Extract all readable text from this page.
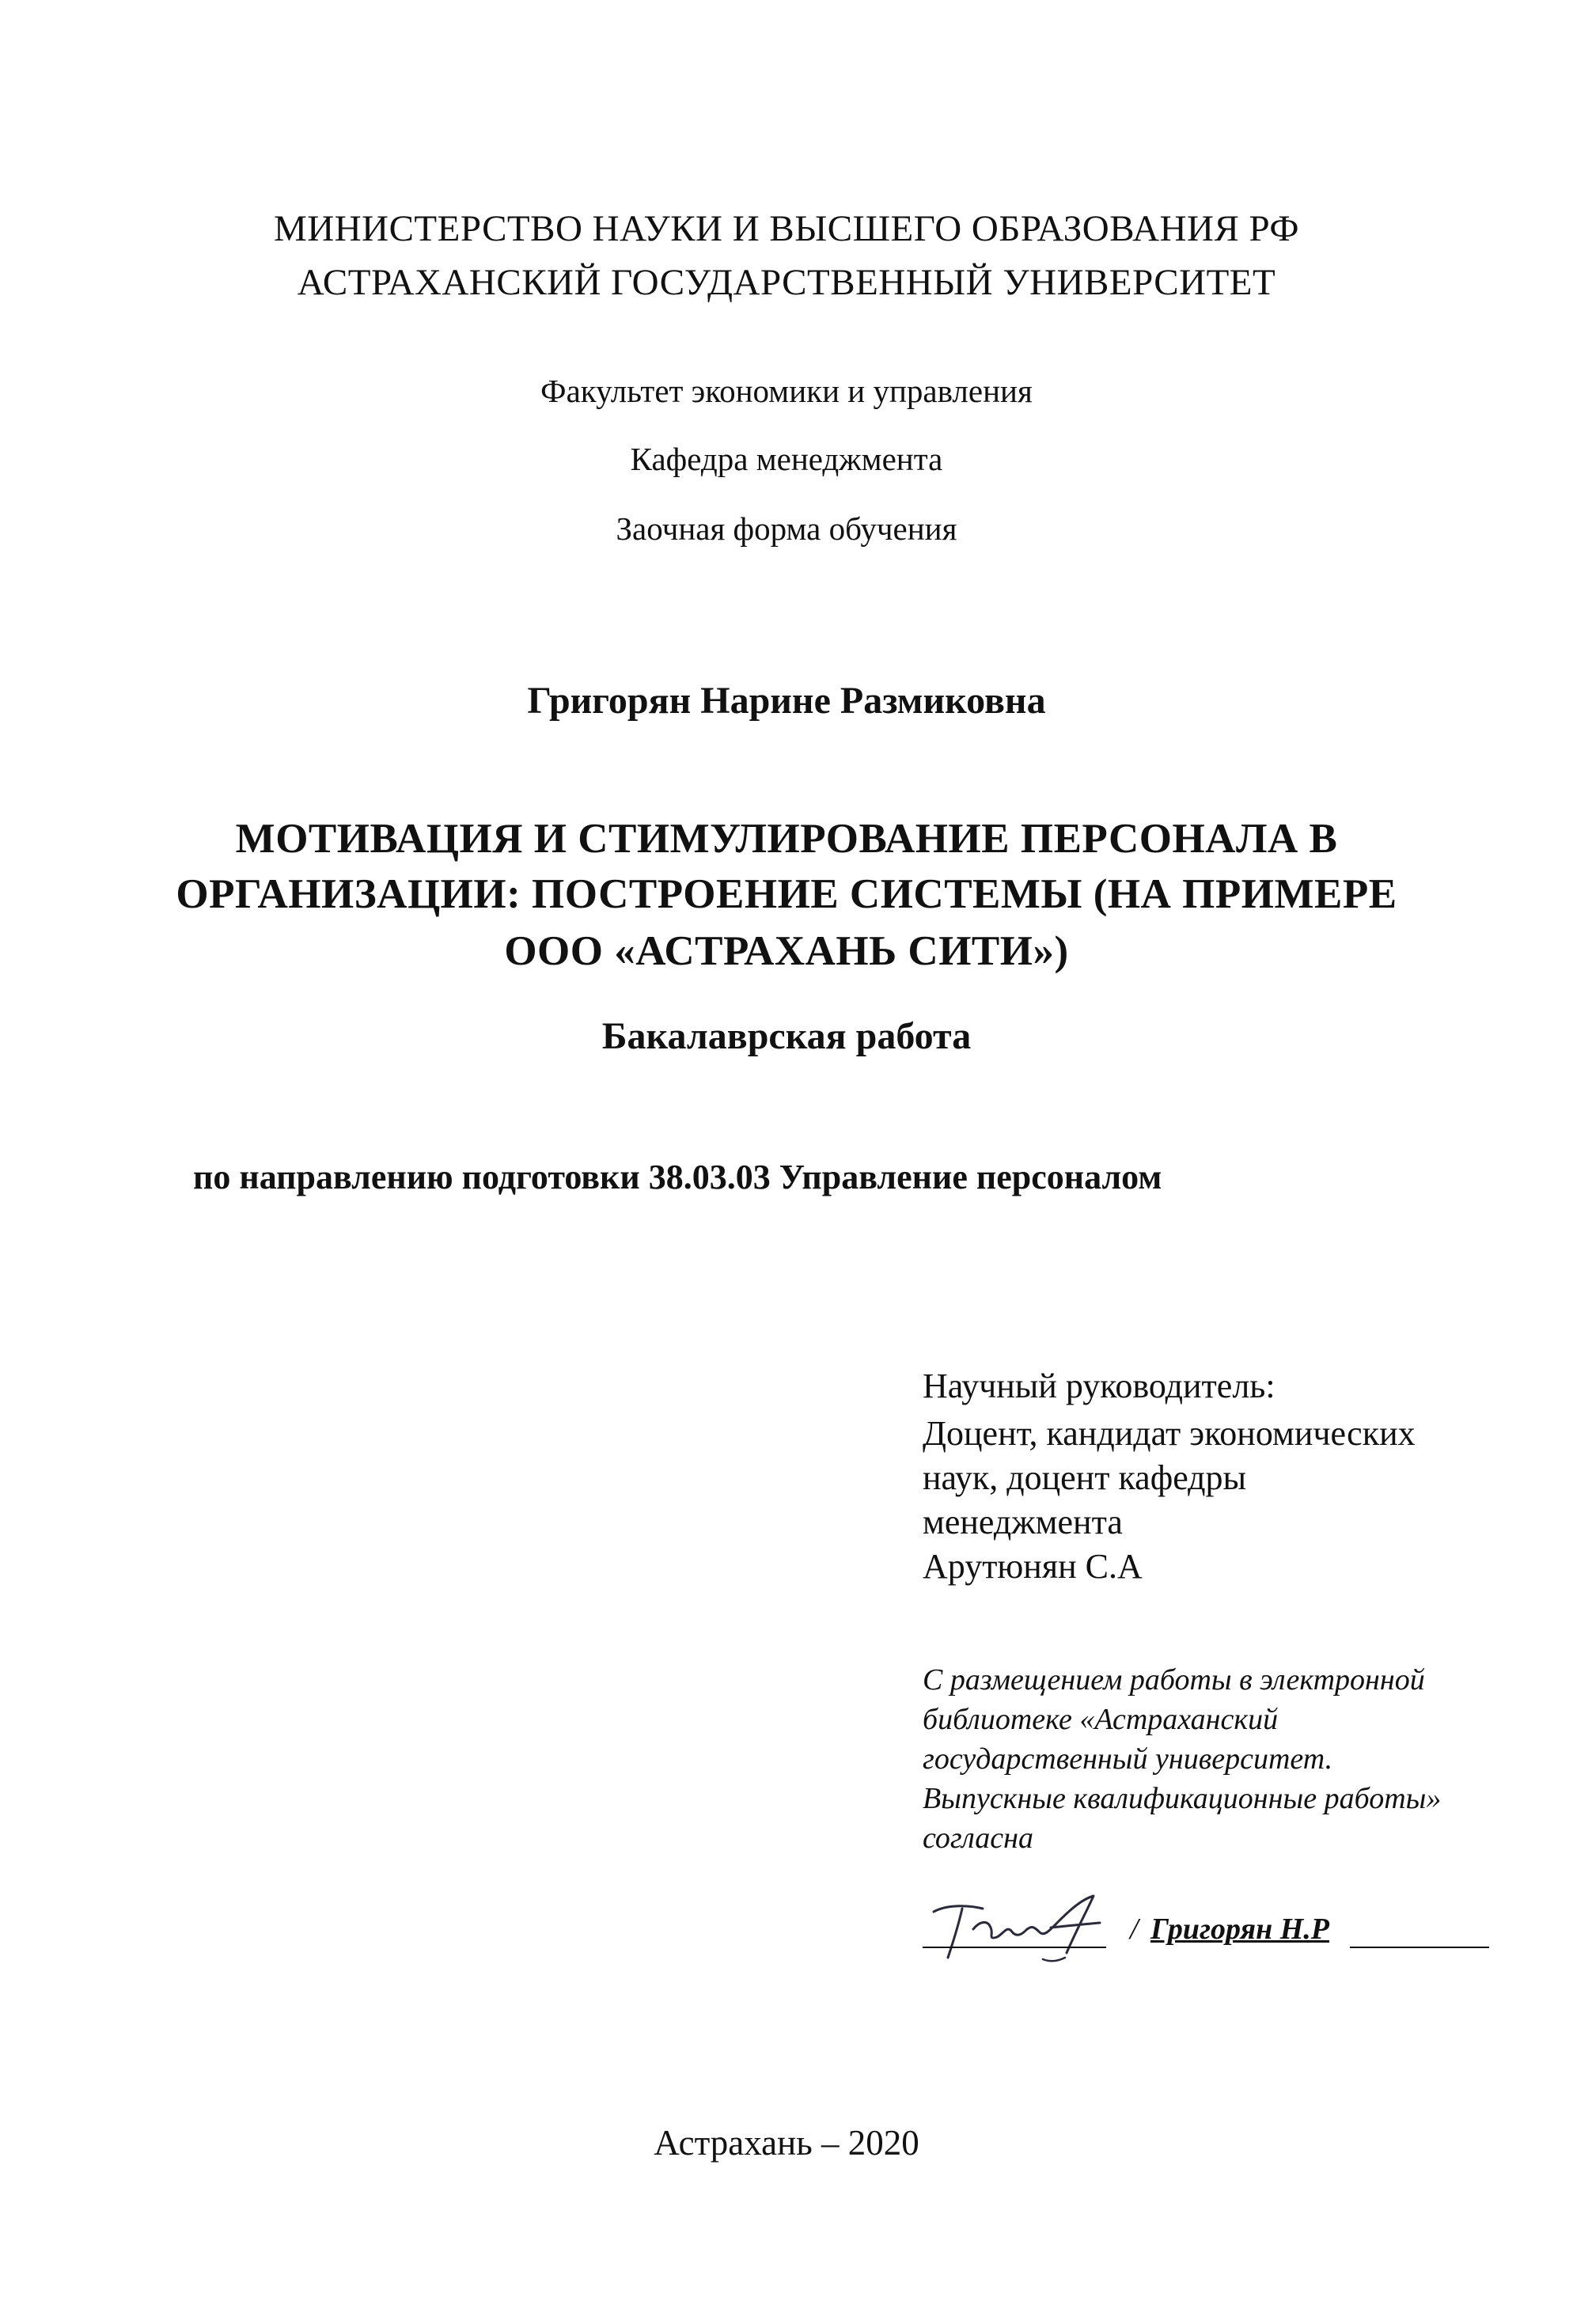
МИНИСТЕРСТВО НАУКИ И ВЫСШЕГО ОБРАЗОВАНИЯ РФ
АСТРАХАНСКИЙ ГОСУДАРСТВЕННЫЙ УНИВЕРСИТЕТ
Факультет экономики и управления
Кафедра менеджмента
Заочная форма обучения
Григорян Нарине Размиковна
МОТИВАЦИЯ И СТИМУЛИРОВАНИЕ ПЕРСОНАЛА В
ОРГАНИЗАЦИИ: ПОСТРОЕНИЕ СИСТЕМЫ (НА ПРИМЕРЕ
ООО «АСТРАХАНЬ СИТИ»)
Бакалаврская работа
по направлению подготовки 38.03.03 Управление персоналом
Научный руководитель:
Доцент, кандидат экономических
наук, доцент кафедры
менеджмента
Арутюнян С.А
С размещением работы в электронной
библиотеке «Астраханский
государственный университет.
Выпускные квалификационные работы»
согласна
/ Григорян Н.Р
Астрахань – 2020
